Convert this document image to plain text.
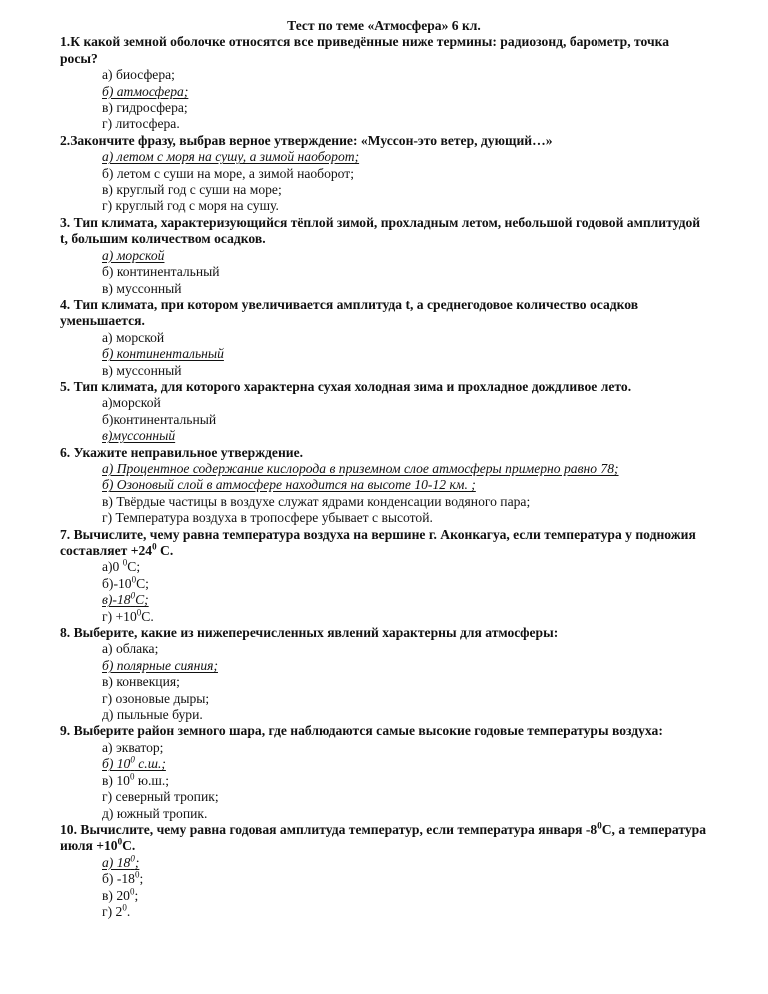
Тест по теме «Атмосфера» 6 кл.

1.К какой земной оболочке относятся все приведённые ниже термины: радиозонд, барометр, точка росы?

а) биосфера;

б) атмосфера;

в) гидросфера;

г) литосфера.

2.Закончите фразу, выбрав верное утверждение: «Муссон-это ветер, дующий…»

а) летом с моря на сушу, а зимой наоборот;

б) летом с суши на море, а зимой наоборот;

в) круглый год с суши на море;

г) круглый год с моря на сушу.

3. Тип климата, характеризующийся тёплой зимой, прохладным летом, небольшой годовой амплитудой t, большим количеством осадков.

а) морской

б) континентальный

в) муссонный

4. Тип климата, при котором увеличивается амплитуда t, а среднегодовое количество осадков уменьшается.

а) морской

б) континентальный

в) муссонный

5. Тип климата, для которого характерна сухая холодная зима и прохладное дождливое лето.

а)морской

б)континентальный

в)муссонный

6. Укажите неправильное утверждение.

а) Процентное содержание кислорода в приземном слое атмосферы примерно равно 78;

б) Озоновый слой в атмосфере находится на высоте 10-12 км. ;

в) Твёрдые частицы в воздухе служат ядрами конденсации водяного пара;

г) Температура воздуха в тропосфере убывает с высотой.

7. Вычислите, чему равна температура воздуха на вершине г. Аконкагуа, если температура у подножия составляет $+24^0$ С.

а)0 $^0$С;

$б)-10^0С$;

$в)-18^0С$;

$г) +10^0С$.

8. Выберите, какие из нижеперечисленных явлений характерны для атмосферы:

а) облака;

б) полярные сияния;

в) конвекция;

г) озоновые дыры;

д) пыльные бури.

9. Выберите район земного шара, где наблюдаются самые высокие годовые температуры воздуха:

а) экватор;

б) $10^0$ с.ш.;

в) $10^0$ ю.ш.;

г) северный тропик;

д) южный тропик.

10. Вычислите, чему равна годовая амплитуда температур, если температура января $-8^0С$, а температура июля $+10^0С$.

а) $18^0$;

б) $-18^0$;

в) $20^0$;

г) $2^0$.
